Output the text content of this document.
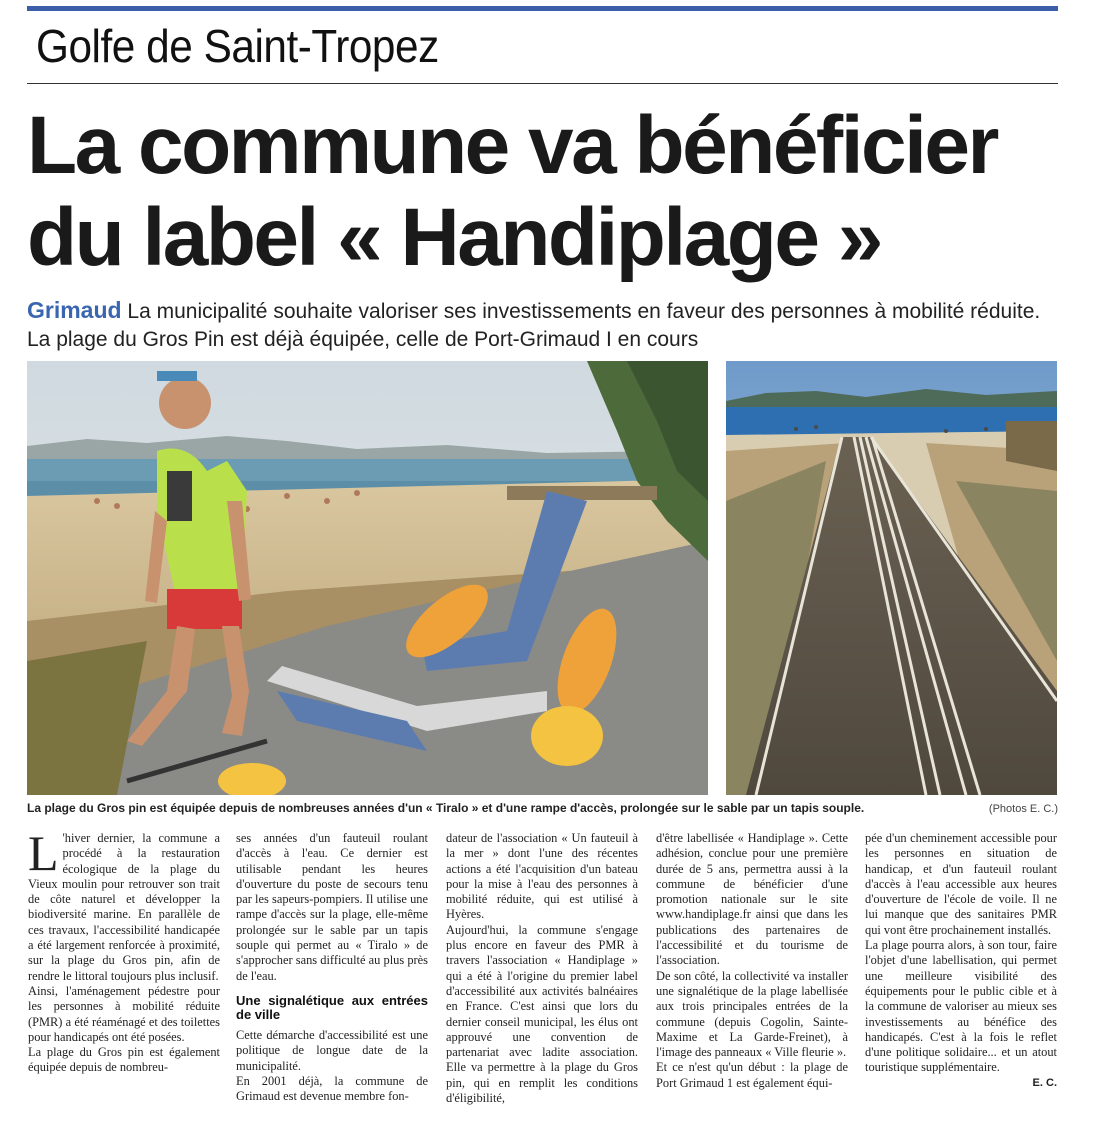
Golfe de Saint-Tropez
La commune va bénéficier
du label « Handiplage »
Grimaud La municipalité souhaite valoriser ses investissements en faveur des personnes à mobilité réduite. La plage du Gros Pin est déjà équipée, celle de Port-Grimaud I en cours
La plage du Gros pin est équipée depuis de nombreuses années d'un « Tiralo » et d'une rampe d'accès, prolongée sur le sable par un tapis souple.	(Photos E. C.)

L 'hiver dernier, la commune a procédé à la restauration écologique de la plage du Vieux moulin pour retrouver son trait de côte naturel et développer la biodiversité marine. En parallèle de ces travaux, l'accessibilité handicapée a été largement renforcée à proximité, sur la plage du Gros pin, afin de rendre le littoral toujours plus inclusif.

Ainsi, l'aménagement pédestre pour les personnes à mobilité réduite (PMR) a été réaménagé et des toilettes pour handicapés ont été posées.

La plage du Gros pin est également équipée depuis de nombreu-

ses années d'un fauteuil roulant d'accès à l'eau. Ce dernier est utilisable pendant les heures d'ouverture du poste de secours tenu par les sapeurs-pompiers. Il utilise une rampe d'accès sur la plage, elle-même prolongée sur le sable par un tapis souple qui permet au « Tiralo » de s'approcher sans difficulté au plus près de l'eau.

Une signalétique aux entrées de ville

Cette démarche d'accessibilité est une politique de longue date de la municipalité.

En 2001 déjà, la commune de Grimaud est devenue membre fon-

dateur de l'association « Un fauteuil à la mer » dont l'une des récentes actions a été l'acquisition d'un bateau pour la mise à l'eau des personnes à mobilité réduite, qui est utilisé à Hyères.

Aujourd'hui, la commune s'engage plus encore en faveur des PMR à travers l'association « Handiplage » qui a été à l'origine du premier label d'accessibilité aux activités balnéaires en France. C'est ainsi que lors du dernier conseil municipal, les élus ont approuvé une convention de partenariat avec ladite association. Elle va permettre à la plage du Gros pin, qui en remplit les conditions d'éligibilité,

d'être labellisée « Handiplage ». Cette adhésion, conclue pour une première durée de 5 ans, permettra aussi à la commune de bénéficier d'une promotion nationale sur le site www.handiplage.fr ainsi que dans les publications des partenaires de l'accessibilité et du tourisme de l'association.

De son côté, la collectivité va installer une signalétique de la plage labellisée aux trois principales entrées de la commune (depuis Cogolin, Sainte-Maxime et La Garde-Freinet), à l'image des panneaux « Ville fleurie ».

Et ce n'est qu'un début : la plage de Port Grimaud 1 est également équi-

pée d'un cheminement accessible pour les personnes en situation de handicap, et d'un fauteuil roulant d'accès à l'eau accessible aux heures d'ouverture de l'école de voile. Il ne lui manque que des sanitaires PMR qui vont être prochainement installés.

La plage pourra alors, à son tour, faire l'objet d'une labellisation, qui permet une meilleure visibilité des équipements pour le public cible et à la commune de valoriser au mieux ses investissements au bénéfice des handicapés. C'est à la fois le reflet d'une politique solidaire... et un atout touristique supplémentaire.

E. C.
